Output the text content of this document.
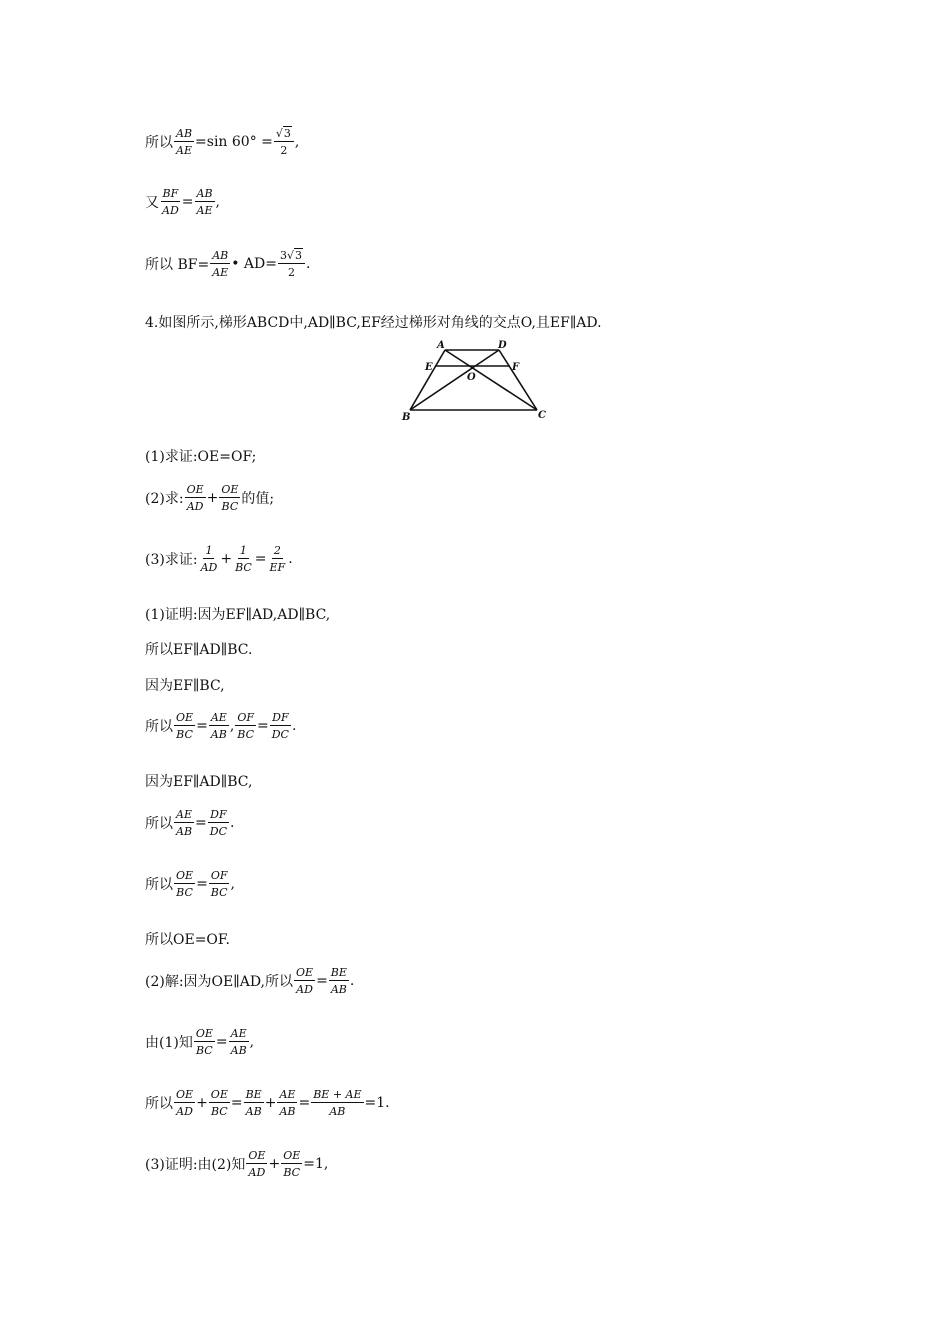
所以 $\frac{AB}{AE} =\sin$ $60^\circ = \frac{√3}{2}$ ,
又 $\frac{BF}{AD} = \frac{AB}{AE}$ ,
所以 $BF= \frac{AB}{AE}$ • $AD= \frac{3√3}{2}$ .
4.如图所示,梯形ABCD中,AD∥BC,EF经过梯形对角线的交点O,且EF∥AD.
A	D
E	F
O
B	C
(1)求证:OE=OF;
(2)求: $\frac{OE}{AD} + \frac{OE}{BC}$ 的值;
(3)求证: $\frac{1}{AD} + \frac{1}{BC} = \frac{2}{EF}$ .
(1)证明:因为EF∥AD,AD∥BC,
所以EF∥AD∥BC.
因为EF∥BC,
所以 $\frac{OE}{BC} = \frac{AE}{AB}$ , $\frac{OF}{BC} = \frac{DF}{DC}$ .
因为EF∥AD∥BC,
所以 $\frac{AE}{AB} = \frac{DF}{DC}$ .
所以 $\frac{OE}{BC} = \frac{OF}{BC}$ ,
所以OE=OF.
(2)解:因为OE∥AD,所以 $\frac{OE}{AD} = \frac{BE}{AB}$ .
由(1)知 $\frac{OE}{BC} = \frac{AE}{AB}$ ,
所以 $\frac{OE}{AD} + \frac{OE}{BC} = \frac{BE}{AB} + \frac{AE}{AB} = \frac{BE + AE}{AB} =1$.
(3)证明:由(2)知 $\frac{OE}{AD} + \frac{OE}{BC} =1$,
